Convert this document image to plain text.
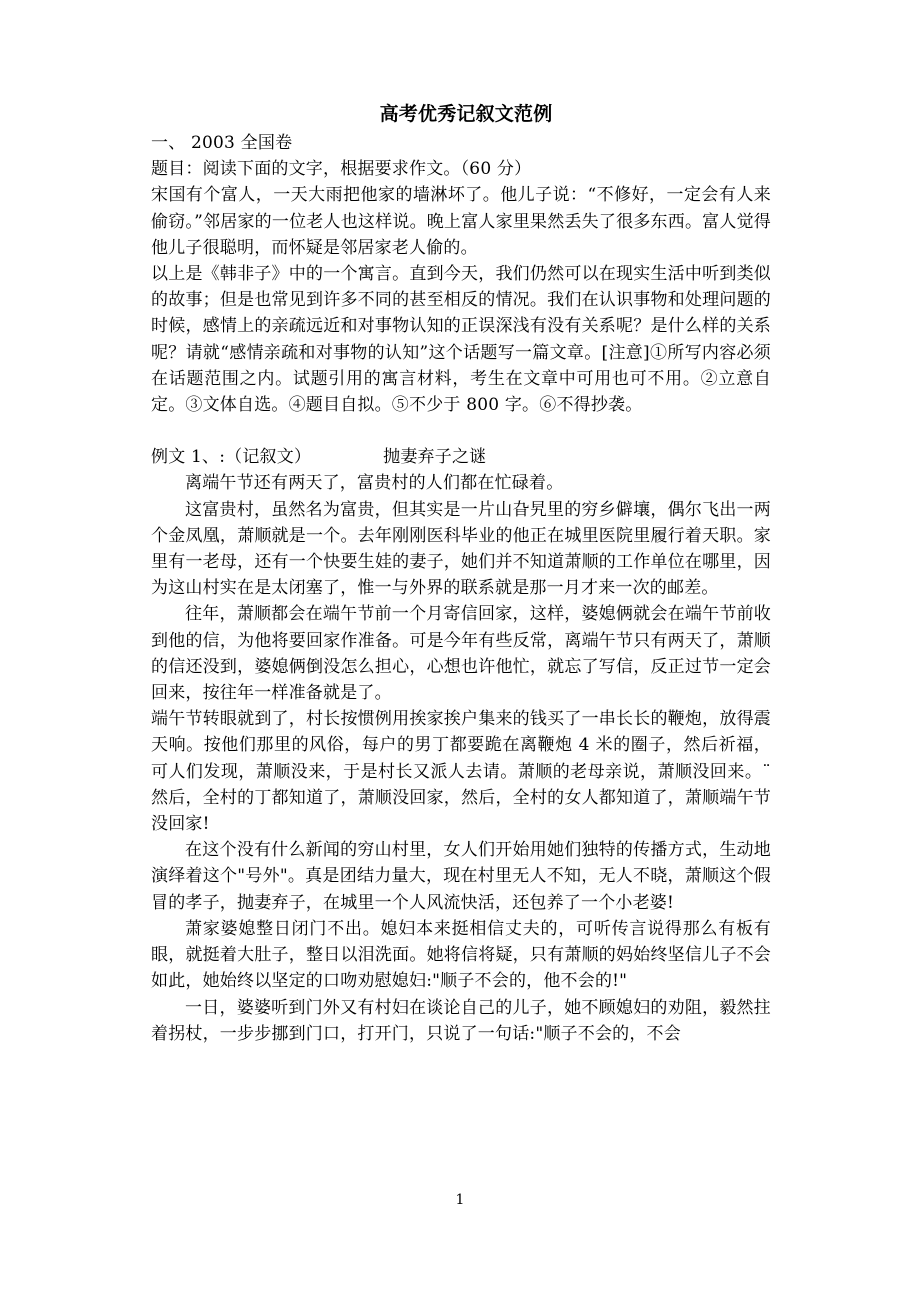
高考优秀记叙文范例

一、 2003 全国卷

题目：阅读下面的文字，根据要求作文。（60 分）

宋国有个富人，一天大雨把他家的墙淋坏了。他儿子说：“不修好，一定会有人来偷窃。”邻居家的一位老人也这样说。晚上富人家里果然丢失了很多东西。富人觉得他儿子很聪明，而怀疑是邻居家老人偷的。

以上是《韩非子》中的一个寓言。直到今天，我们仍然可以在现实生活中听到类似的故事；但是也常见到许多不同的甚至相反的情况。我们在认识事物和处理问题的时候，感情上的亲疏远近和对事物认知的正误深浅有没有关系呢？是什么样的关系呢？请就“感情亲疏和对事物的认知”这个话题写一篇文章。[注意]①所写内容必须在话题范围之内。试题引用的寓言材料，考生在文章中可用也可不用。②立意自定。③文体自选。④题目自拟。⑤不少于 800 字。⑥不得抄袭。

例文 1、:（记叙文）	抛妻弃子之谜

离端午节还有两天了，富贵村的人们都在忙碌着。

这富贵村，虽然名为富贵，但其实是一片山旮旯里的穷乡僻壤，偶尔飞出一两个金凤凰，萧顺就是一个。去年刚刚医科毕业的他正在城里医院里履行着天职。家里有一老母，还有一个快要生娃的妻子，她们并不知道萧顺的工作单位在哪里，因为这山村实在是太闭塞了，惟一与外界的联系就是那一月才来一次的邮差。

往年，萧顺都会在端午节前一个月寄信回家，这样，婆媳俩就会在端午节前收到他的信，为他将要回家作准备。可是今年有些反常，离端午节只有两天了，萧顺的信还没到，婆媳俩倒没怎么担心，心想也许他忙，就忘了写信，反正过节一定会回来，按往年一样准备就是了。

端午节转眼就到了，村长按惯例用挨家挨户集来的钱买了一串长长的鞭炮，放得震天响。按他们那里的风俗，每户的男丁都要跪在离鞭炮 4 米的圈子，然后祈福，可人们发现，萧顺没来，于是村长又派人去请。萧顺的老母亲说，萧顺没回来。¨ 然后，全村的丁都知道了，萧顺没回家，然后，全村的女人都知道了，萧顺端午节没回家!

在这个没有什么新闻的穷山村里，女人们开始用她们独特的传播方式，生动地演绎着这个"号外"。真是团结力量大，现在村里无人不知，无人不晓，萧顺这个假冒的孝子，抛妻弃子，在城里一个人风流快活，还包养了一个小老婆!

萧家婆媳整日闭门不出。媳妇本来挺相信丈夫的，可听传言说得那么有板有眼，就挺着大肚子，整日以泪洗面。她将信将疑，只有萧顺的妈始终坚信儿子不会如此，她始终以坚定的口吻劝慰媳妇:"顺子不会的，他不会的!"

一日，婆婆听到门外又有村妇在谈论自己的儿子，她不顾媳妇的劝阻，毅然拄着拐杖，一步步挪到门口，打开门，只说了一句话:"顺子不会的，不会

1
